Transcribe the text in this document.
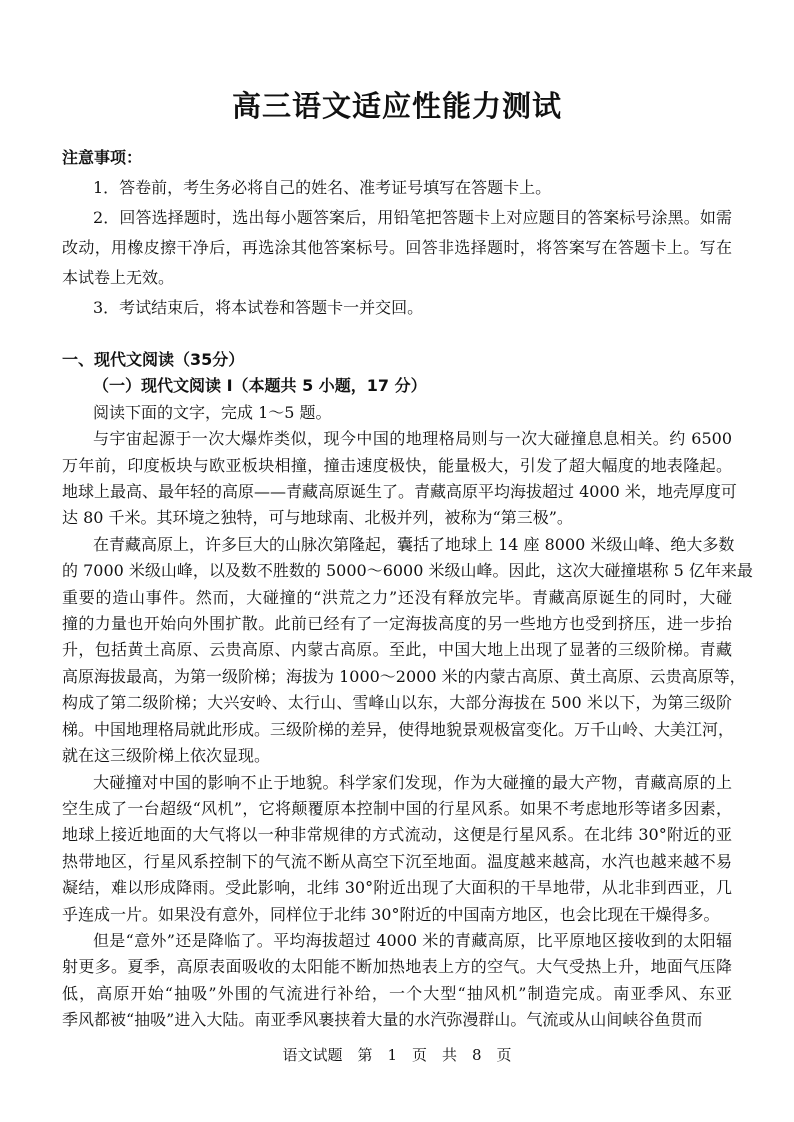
高三语文适应性能力测试
注意事项：
1．答卷前，考生务必将自己的姓名、准考证号填写在答题卡上。
2．回答选择题时，选出每小题答案后，用铅笔把答题卡上对应题目的答案标号涂黑。如需
改动，用橡皮擦干净后，再选涂其他答案标号。回答非选择题时，将答案写在答题卡上。写在
本试卷上无效。
3．考试结束后，将本试卷和答题卡一并交回。
一、现代文阅读（35分）
（一）现代文阅读 I（本题共 5 小题，17 分）
阅读下面的文字，完成 1～5 题。
与宇宙起源于一次大爆炸类似，现今中国的地理格局则与一次大碰撞息息相关。约 6500
万年前，印度板块与欧亚板块相撞，撞击速度极快，能量极大，引发了超大幅度的地表隆起。
地球上最高、最年轻的高原——青藏高原诞生了。青藏高原平均海拔超过 4000 米，地壳厚度可
达 80 千米。其环境之独特，可与地球南、北极并列，被称为“第三极”。
在青藏高原上，许多巨大的山脉次第隆起，囊括了地球上 14 座 8000 米级山峰、绝大多数
的 7000 米级山峰，以及数不胜数的 5000～6000 米级山峰。因此，这次大碰撞堪称 5 亿年来最
重要的造山事件。然而，大碰撞的“洪荒之力”还没有释放完毕。青藏高原诞生的同时，大碰
撞的力量也开始向外围扩散。此前已经有了一定海拔高度的另一些地方也受到挤压，进一步抬
升，包括黄土高原、云贵高原、内蒙古高原。至此，中国大地上出现了显著的三级阶梯。青藏
高原海拔最高，为第一级阶梯；海拔为 1000～2000 米的内蒙古高原、黄土高原、云贵高原等，
构成了第二级阶梯；大兴安岭、太行山、雪峰山以东，大部分海拔在 500 米以下，为第三级阶
梯。中国地理格局就此形成。三级阶梯的差异，使得地貌景观极富变化。万千山岭、大美江河，
就在这三级阶梯上依次显现。
大碰撞对中国的影响不止于地貌。科学家们发现，作为大碰撞的最大产物，青藏高原的上
空生成了一台超级“风机”，它将颠覆原本控制中国的行星风系。如果不考虑地形等诸多因素，
地球上接近地面的大气将以一种非常规律的方式流动，这便是行星风系。在北纬 30°附近的亚
热带地区，行星风系控制下的气流不断从高空下沉至地面。温度越来越高，水汽也越来越不易
凝结，难以形成降雨。受此影响，北纬 30°附近出现了大面积的干旱地带，从北非到西亚，几
乎连成一片。如果没有意外，同样位于北纬 30°附近的中国南方地区，也会比现在干燥得多。
但是“意外”还是降临了。平均海拔超过 4000 米的青藏高原，比平原地区接收到的太阳辐
射更多。夏季，高原表面吸收的太阳能不断加热地表上方的空气。大气受热上升，地面气压降
低，高原开始“抽吸”外围的气流进行补给，一个大型“抽风机”制造完成。南亚季风、东亚
季风都被“抽吸”进入大陆。南亚季风裹挟着大量的水汽弥漫群山。气流或从山间峡谷鱼贯而
语文试题　第　1　页　共　8　页
